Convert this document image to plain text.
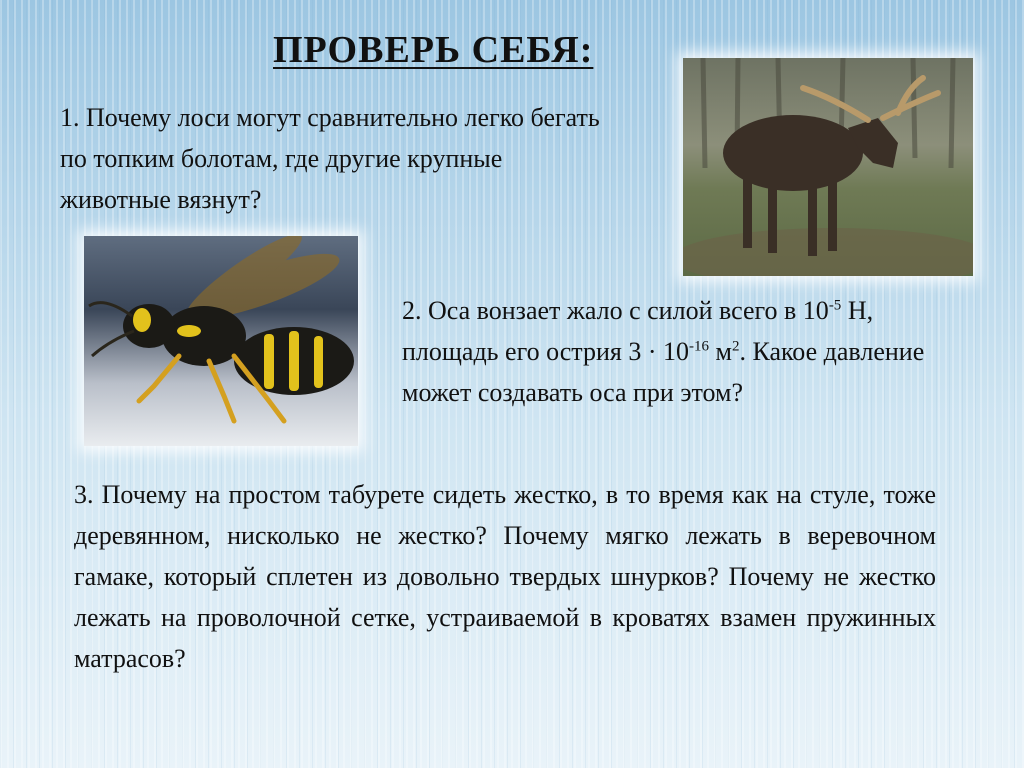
ПРОВЕРЬ СЕБЯ:

1. Почему лоси могут сравнительно легко бегать по топким болотам, где другие крупные животные вязнут?

2. Оса вонзает жало с силой всего в $10^{-5}$ Н, площадь его острия $3 \cdot 10^{-16}$ $м^2$. Какое давление может создавать оса при этом?

3. Почему на простом табурете сидеть жестко, в то время как на стуле, тоже деревянном, нисколько не жестко? Почему мягко лежать в веревочном гамаке, который сплетен из довольно твердых шнурков? Почему не жестко лежать на проволочной сетке, устраиваемой в кроватях взамен пружинных матрасов?
